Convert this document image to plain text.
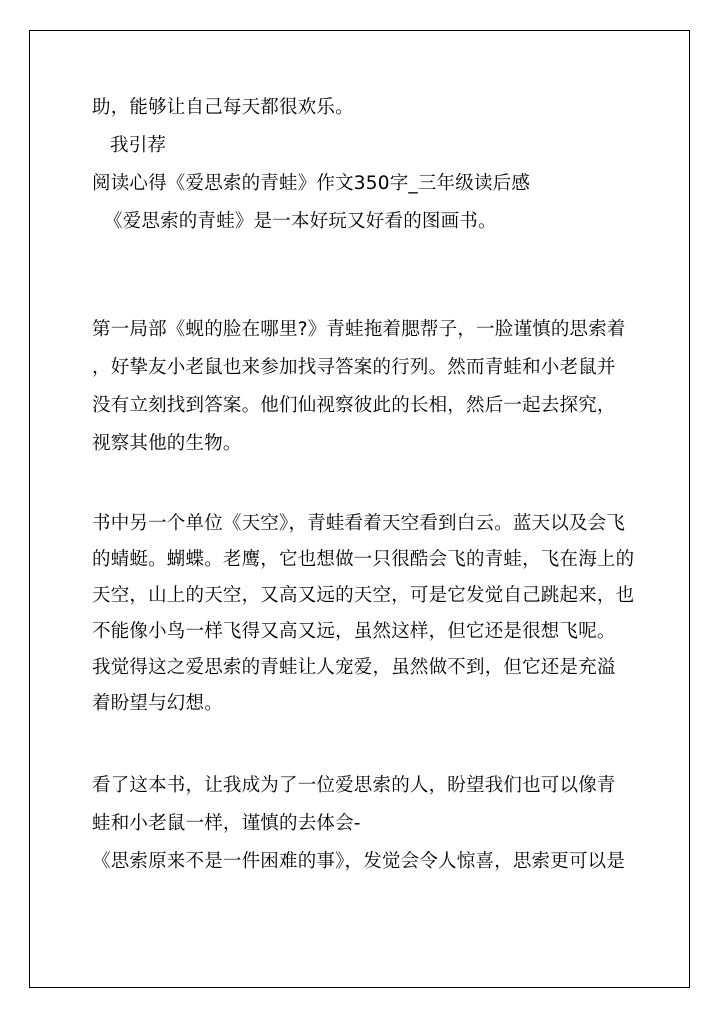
助，能够让自己每天都很欢乐。
我引荐
阅读心得《爱思索的青蛙》作文350字_三年级读后感
《爱思索的青蛙》是一本好玩又好看的图画书。
第一局部《蚬的脸在哪里?》青蛙拖着腮帮子，一脸谨慎的思索着
，好挚友小老鼠也来参加找寻答案的行列。然而青蛙和小老鼠并
没有立刻找到答案。他们仙视察彼此的长相，然后一起去探究，
视察其他的生物。
书中另一个单位《天空》，青蛙看着天空看到白云。蓝天以及会飞
的蜻蜓。蝴蝶。老鹰，它也想做一只很酷会飞的青蛙，飞在海上的
天空，山上的天空，又高又远的天空，可是它发觉自己跳起来，也
不能像小鸟一样飞得又高又远，虽然这样，但它还是很想飞呢。
我觉得这之爱思索的青蛙让人宠爱，虽然做不到，但它还是充溢
着盼望与幻想。
看了这本书，让我成为了一位爱思索的人，盼望我们也可以像青
蛙和小老鼠一样，谨慎的去体会-
《思索原来不是一件困难的事》，发觉会令人惊喜，思索更可以是
